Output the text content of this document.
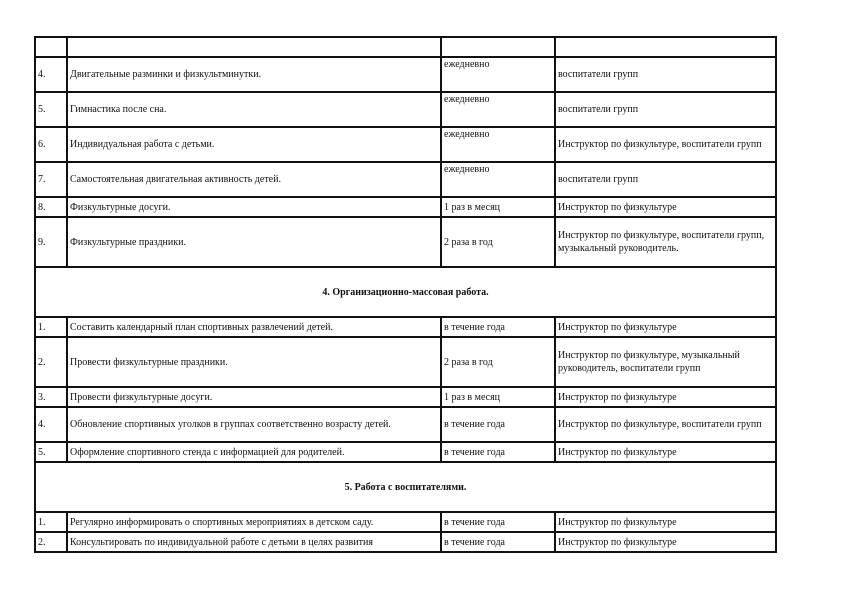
4.	Двигательные разминки и физкультминутки.	ежедневно	воспитатели групп
5.	Гимнастика после сна.	ежедневно	воспитатели групп
6.	Индивидуальная работа с детьми.	ежедневно	Инструктор по физкультуре, воспитатели групп
7.	Самостоятельная двигательная активность детей.	ежедневно	воспитатели групп
8.	Физкультурные досуги.	1 раз в месяц	Инструктор по физкультуре
9.	Физкультурные праздники.	2 раза в год	Инструктор по физкультуре, воспитатели групп, музыкальный руководитель.
4. Организационно-массовая работа.			
1.	Составить календарный план спортивных развлечений детей.	в течение года	Инструктор по физкультуре
2.	Провести физкультурные праздники.	2 раза в год	Инструктор по физкультуре, музыкальный руководитель, воспитатели групп
3.	Провести физкультурные досуги.	1 раз в месяц	Инструктор по физкультуре
4.	Обновление спортивных уголков в группах соответственно возрасту детей.	в течение года	Инструктор по физкультуре, воспитатели групп
5.	Оформление спортивного стенда с информацией для родителей.	в течение года	Инструктор по физкультуре
5. Работа с воспитателями.			
1.	Регулярно информировать о спортивных мероприятиях в детском саду.	в течение года	Инструктор по физкультуре
2.	Консультировать по индивидуальной работе с детьми в целях развития	в течение года	Инструктор по физкультуре
